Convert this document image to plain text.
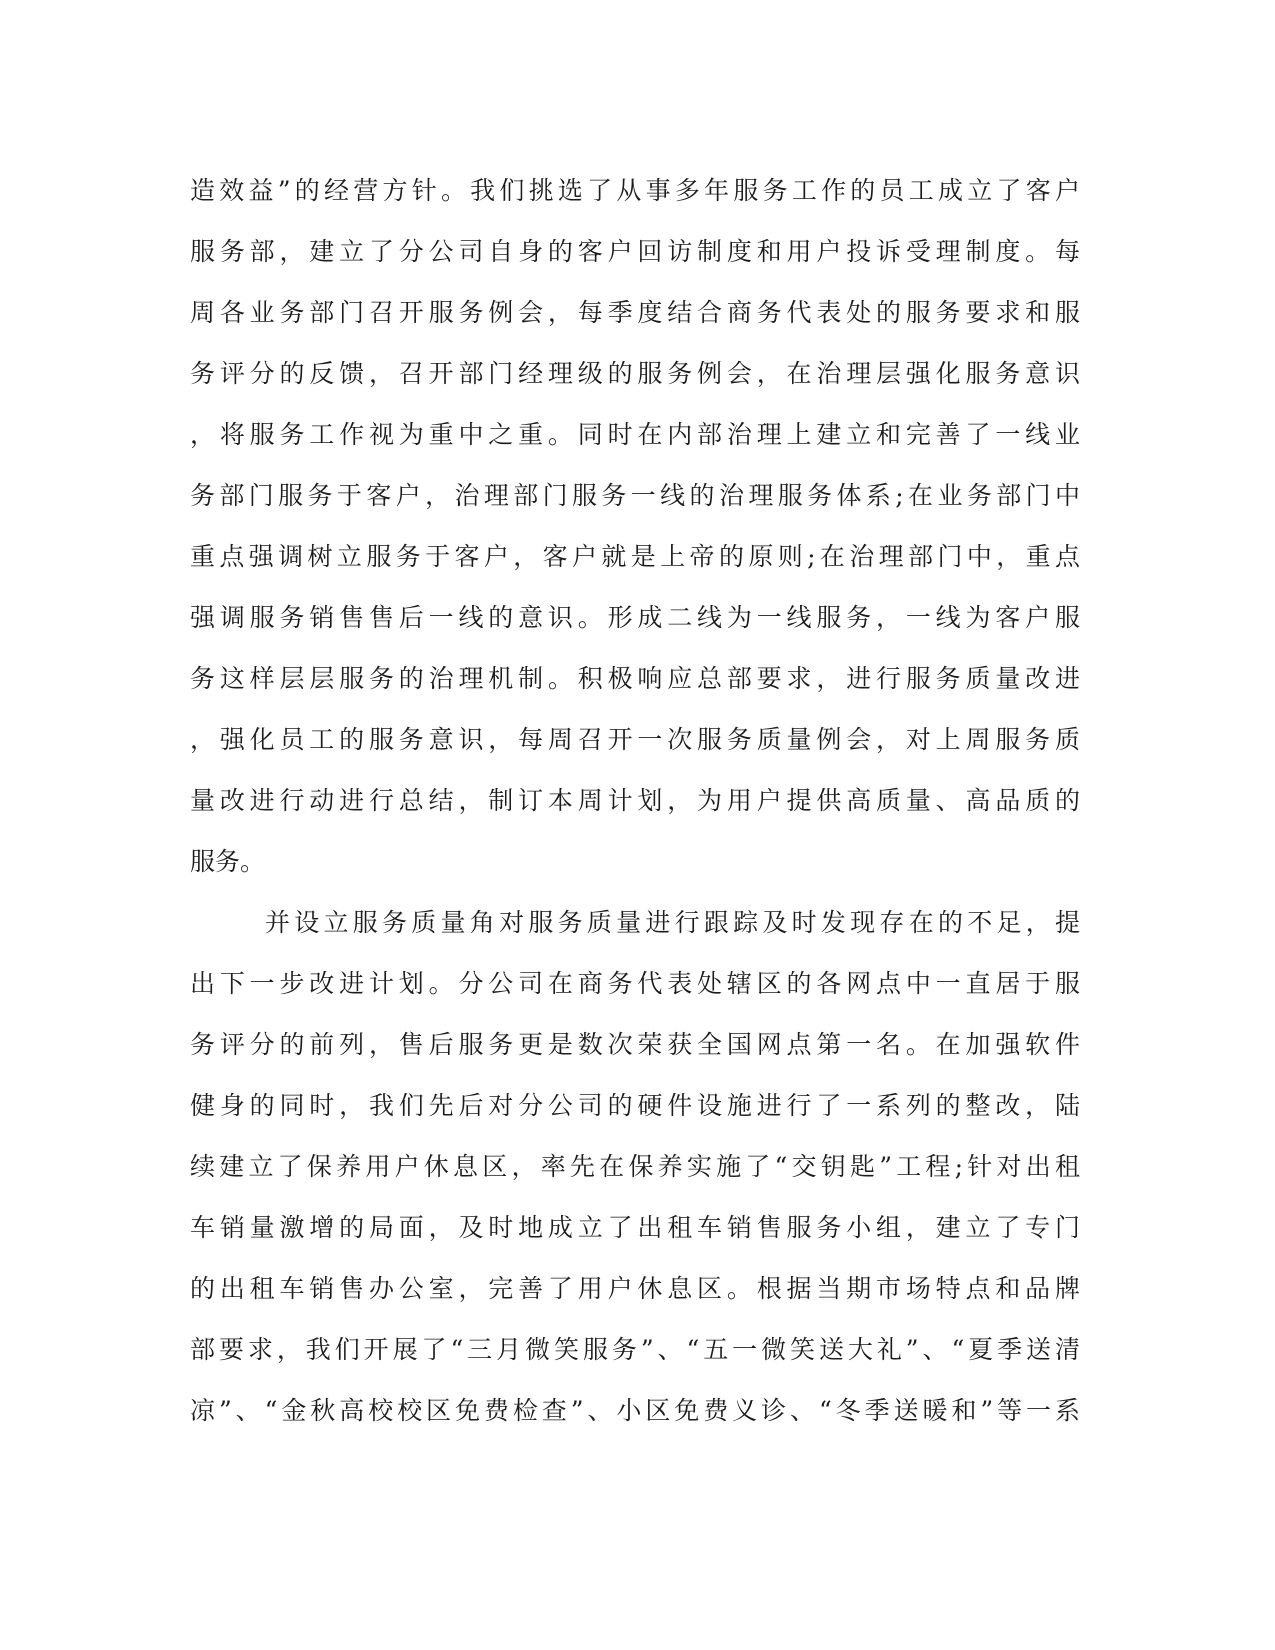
造效益”的经营方针。我们挑选了从事多年服务工作的员工成立了客户
服务部，建立了分公司自身的客户回访制度和用户投诉受理制度。每
周各业务部门召开服务例会，每季度结合商务代表处的服务要求和服
务评分的反馈，召开部门经理级的服务例会，在治理层强化服务意识
，将服务工作视为重中之重。同时在内部治理上建立和完善了一线业
务部门服务于客户，治理部门服务一线的治理服务体系;在业务部门中
重点强调树立服务于客户，客户就是上帝的原则;在治理部门中，重点
强调服务销售售后一线的意识。形成二线为一线服务，一线为客户服
务这样层层服务的治理机制。积极响应总部要求，进行服务质量改进
，强化员工的服务意识，每周召开一次服务质量例会，对上周服务质
量改进行动进行总结，制订本周计划，为用户提供高质量、高品质的
服务。
并设立服务质量角对服务质量进行跟踪及时发现存在的不足，提
出下一步改进计划。分公司在商务代表处辖区的各网点中一直居于服
务评分的前列，售后服务更是数次荣获全国网点第一名。在加强软件
健身的同时，我们先后对分公司的硬件设施进行了一系列的整改，陆
续建立了保养用户休息区，率先在保养实施了“交钥匙”工程;针对出租
车销量激增的局面，及时地成立了出租车销售服务小组，建立了专门
的出租车销售办公室，完善了用户休息区。根据当期市场特点和品牌
部要求，我们开展了“三月微笑服务”、“五一微笑送大礼”、“夏季送清
凉”、“金秋高校校区免费检查”、小区免费义诊、“冬季送暖和”等一系
